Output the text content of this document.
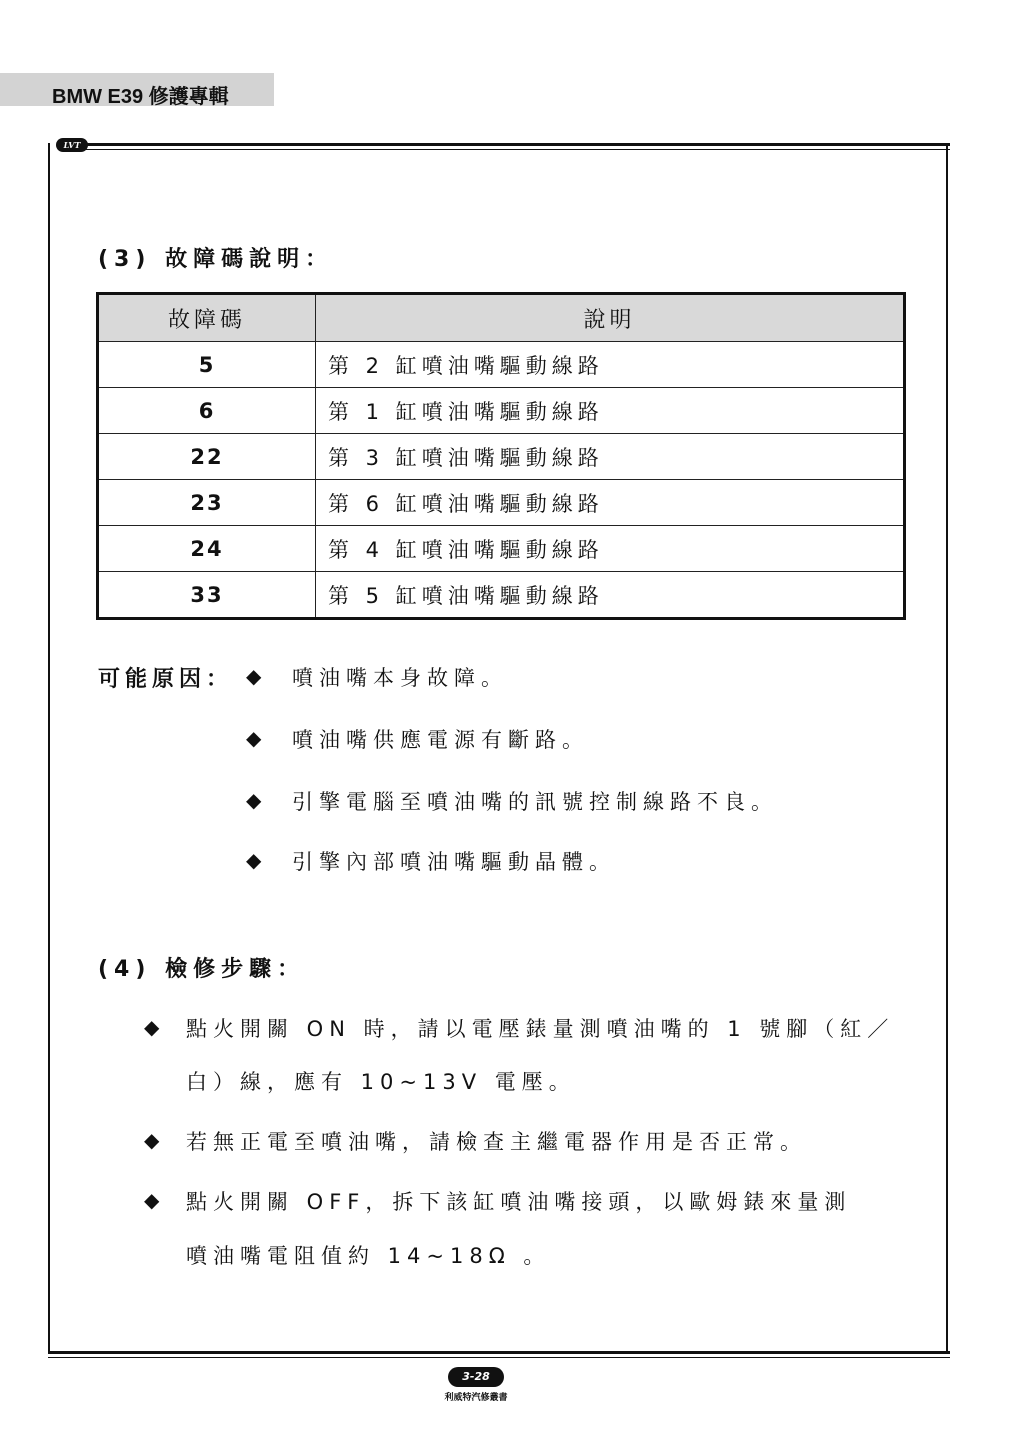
BMW E39 修護專輯
LVT
(3) 故障碼說明：
故障碼	說明
5	第 2 缸噴油嘴驅動線路
6	第 1 缸噴油嘴驅動線路
22	第 3 缸噴油嘴驅動線路
23	第 6 缸噴油嘴驅動線路
24	第 4 缸噴油嘴驅動線路
33	第 5 缸噴油嘴驅動線路
可能原因： ◆ 噴油嘴本身故障。
◆ 噴油嘴供應電源有斷路。
◆ 引擎電腦至噴油嘴的訊號控制線路不良。
◆ 引擎內部噴油嘴驅動晶體。
(4) 檢修步驟：
◆ 點火開關 ON 時，請以電壓錶量測噴油嘴的 1 號腳（紅／
白）線，應有 10~13V 電壓。
◆ 若無正電至噴油嘴，請檢查主繼電器作用是否正常。
◆ 點火開關 OFF，拆下該缸噴油嘴接頭，以歐姆錶來量測
噴油嘴電阻值約 14~18Ω 。
3-28
利威特汽修叢書
